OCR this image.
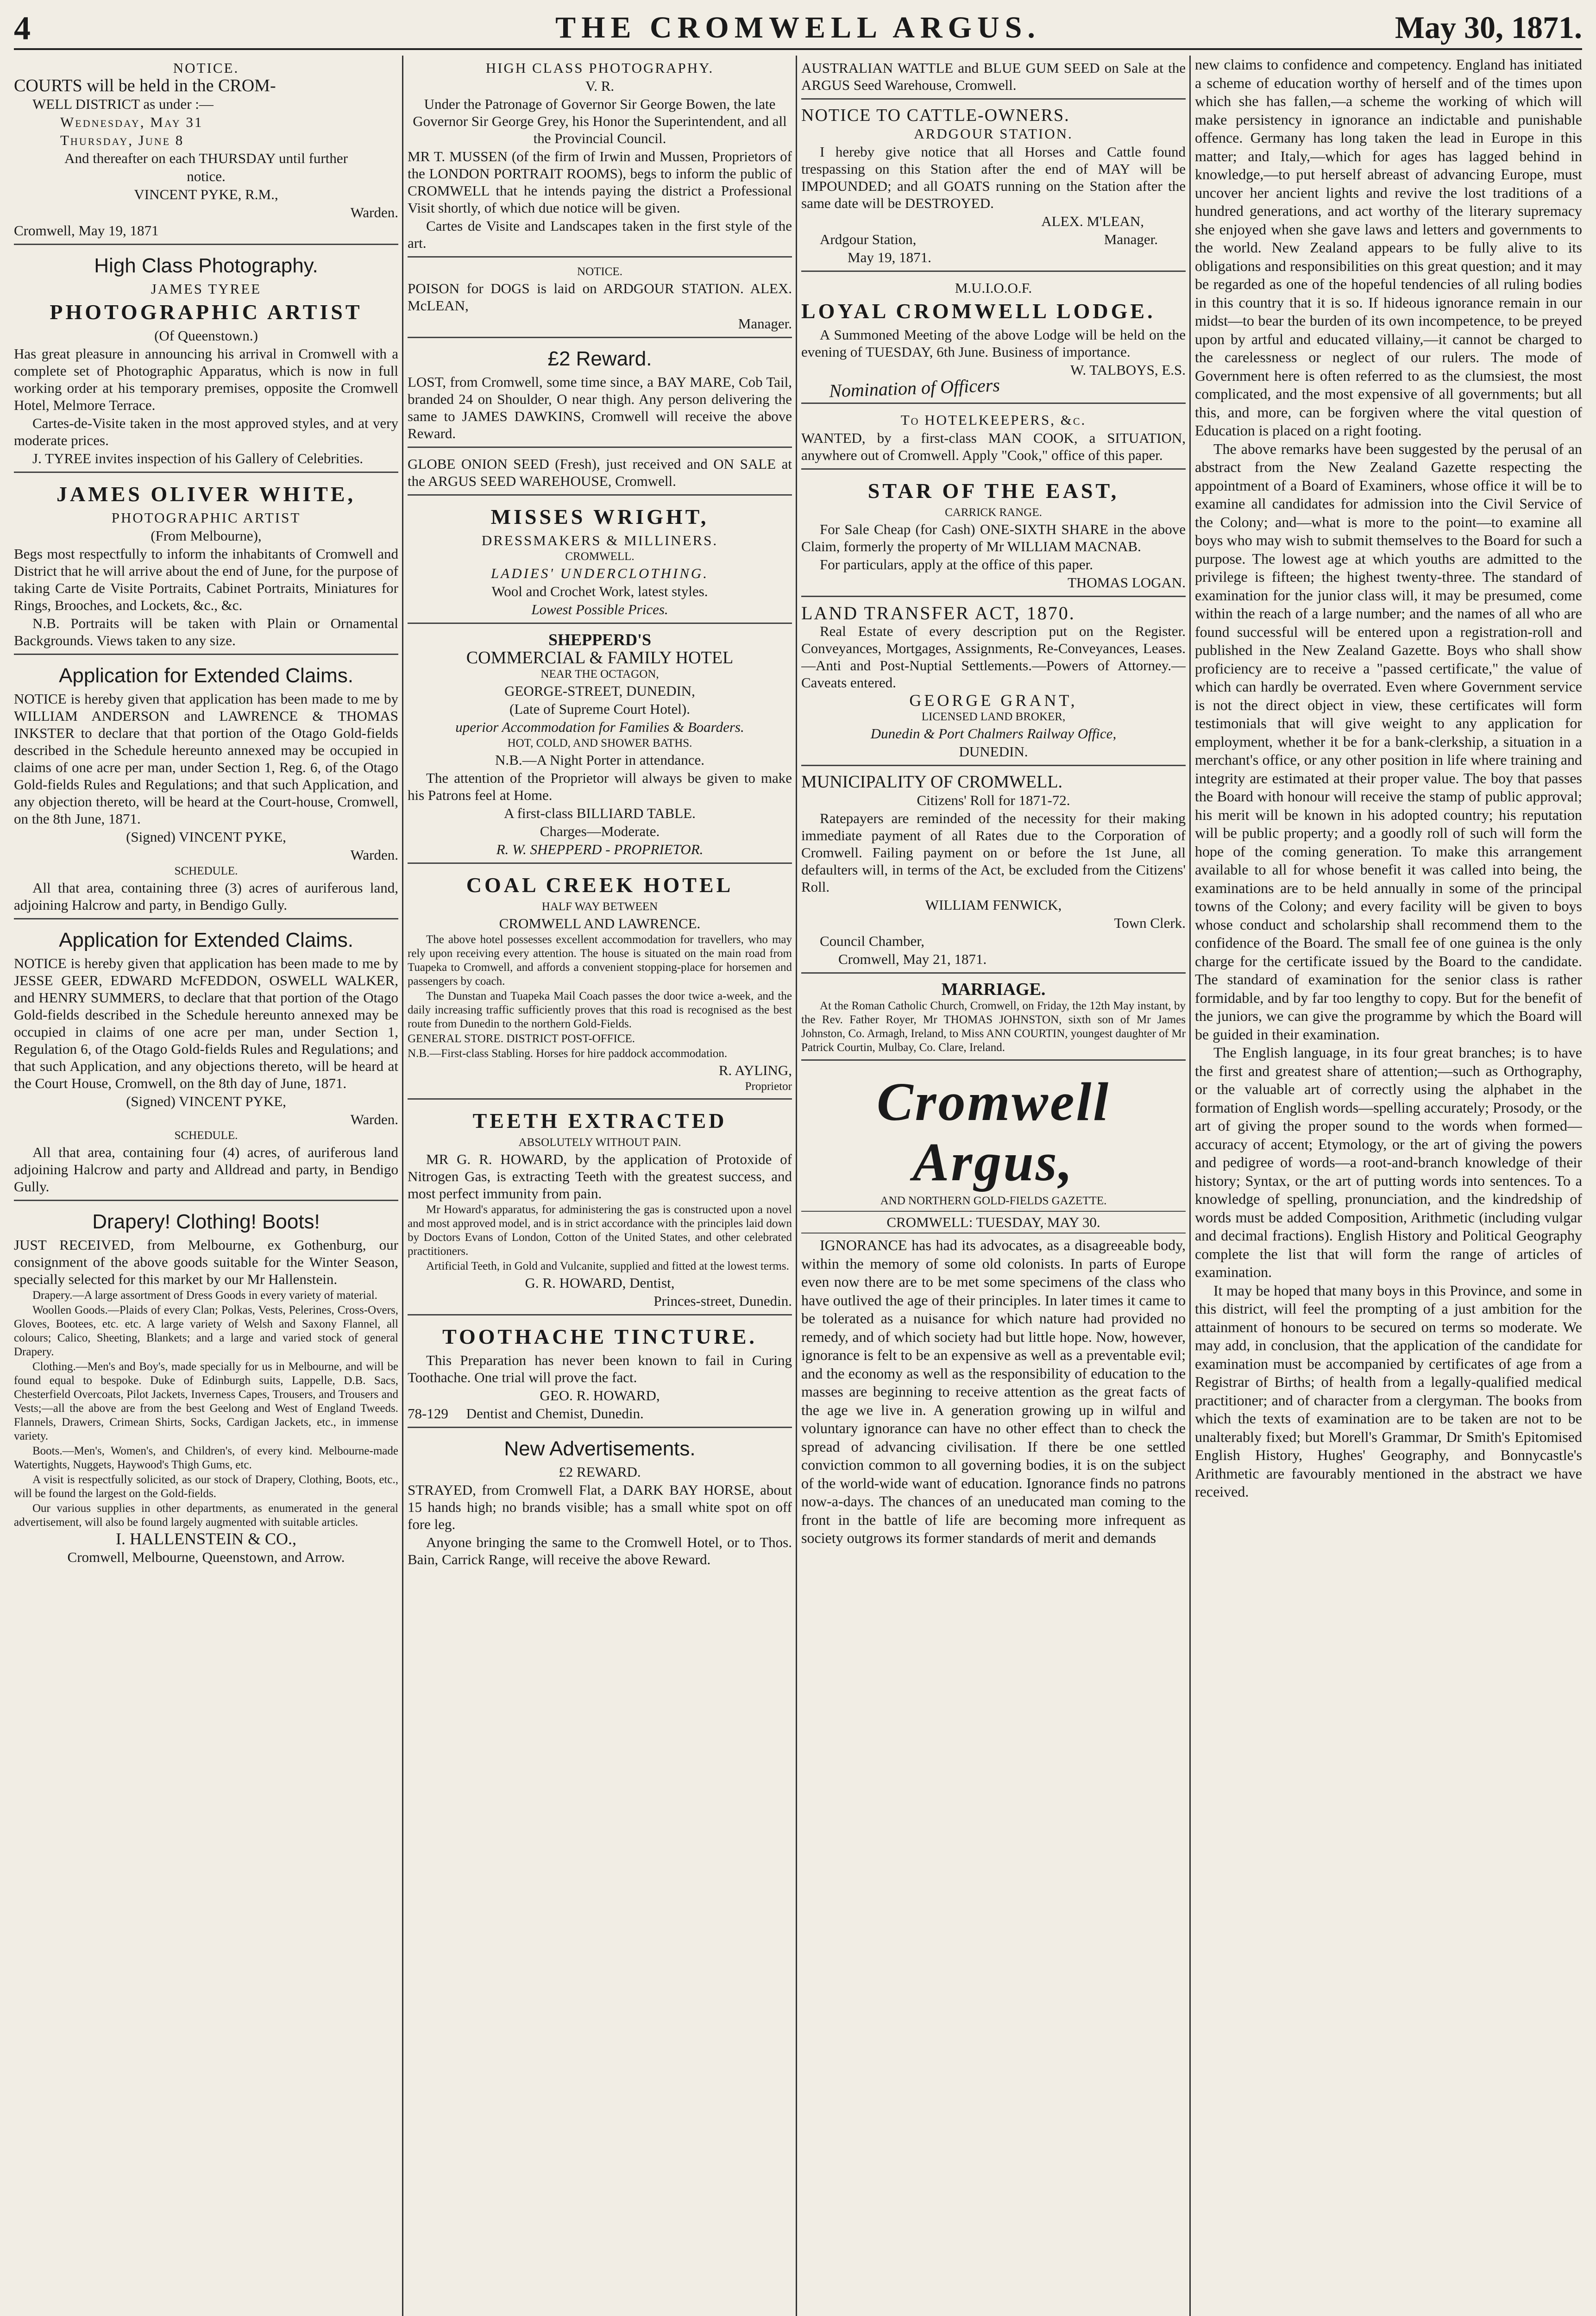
4	THE CROMWELL ARGUS.	May 30, 1871.

NOTICE.

COURTS will be held in the CROM-

WELL DISTRICT as under :—

Wednesday, May 31

Thursday, June 8

And thereafter on each THURSDAY until further

notice.

VINCENT PYKE, R.M.,

Warden.

Cromwell, May 19, 1871

High Class Photography.

JAMES TYREE

PHOTOGRAPHIC ARTIST

(Of Queenstown.)

Has great pleasure in announcing his arrival in Cromwell with a complete set of Photographic Apparatus, which is now in full working order at his temporary premises, opposite the Cromwell Hotel, Melmore Terrace.

Cartes-de-Visite taken in the most approved styles, and at very moderate prices.

J. TYREE invites inspection of his Gallery of Celebrities.

JAMES OLIVER WHITE,

PHOTOGRAPHIC ARTIST

(From Melbourne),

Begs most respectfully to inform the inhabitants of Cromwell and District that he will arrive about the end of June, for the purpose of taking Carte de Visite Portraits, Cabinet Portraits, Miniatures for Rings, Brooches, and Lockets, &c., &c.

N.B. Portraits will be taken with Plain or Ornamental Backgrounds. Views taken to any size.

Application for Extended Claims.

NOTICE is hereby given that application has been made to me by WILLIAM ANDERSON and LAWRENCE & THOMAS INKSTER to declare that that portion of the Otago Gold-fields described in the Schedule hereunto annexed may be occupied in claims of one acre per man, under Section 1, Reg. 6, of the Otago Gold-fields Rules and Regulations; and that such Application, and any objection thereto, will be heard at the Court-house, Cromwell, on the 8th June, 1871.

(Signed) VINCENT PYKE,

Warden.

SCHEDULE.

All that area, containing three (3) acres of auriferous land, adjoining Halcrow and party, in Bendigo Gully.

Application for Extended Claims.

NOTICE is hereby given that application has been made to me by JESSE GEER, EDWARD McFEDDON, OSWELL WALKER, and HENRY SUMMERS, to declare that that portion of the Otago Gold-fields described in the Schedule hereunto annexed may be occupied in claims of one acre per man, under Section 1, Regulation 6, of the Otago Gold-fields Rules and Regulations; and that such Application, and any objections thereto, will be heard at the Court House, Cromwell, on the 8th day of June, 1871.

(Signed) VINCENT PYKE,

Warden.

SCHEDULE.

All that area, containing four (4) acres, of auriferous land adjoining Halcrow and party and Alldread and party, in Bendigo Gully.

Drapery! Clothing! Boots!

JUST RECEIVED, from Melbourne, ex Gothenburg, our consignment of the above goods suitable for the Winter Season, specially selected for this market by our Mr Hallenstein.

Drapery.—A large assortment of Dress Goods in every variety of material.

Woollen Goods.—Plaids of every Clan; Polkas, Vests, Pelerines, Cross-Overs, Gloves, Bootees, etc. etc. A large variety of Welsh and Saxony Flannel, all colours; Calico, Sheeting, Blankets; and a large and varied stock of general Drapery.

Clothing.—Men's and Boy's, made specially for us in Melbourne, and will be found equal to bespoke. Duke of Edinburgh suits, Lappelle, D.B. Sacs, Chesterfield Overcoats, Pilot Jackets, Inverness Capes, Trousers, and Trousers and Vests;—all the above are from the best Geelong and West of England Tweeds. Flannels, Drawers, Crimean Shirts, Socks, Cardigan Jackets, etc., in immense variety.

Boots.—Men's, Women's, and Children's, of every kind. Melbourne-made Watertights, Nuggets, Haywood's Thigh Gums, etc.

A visit is respectfully solicited, as our stock of Drapery, Clothing, Boots, etc., will be found the largest on the Gold-fields.

Our various supplies in other departments, as enumerated in the general advertisement, will also be found largely augmented with suitable articles.

I. HALLENSTEIN & CO.,

Cromwell, Melbourne, Queenstown, and Arrow.

HIGH CLASS PHOTOGRAPHY.

V. R.

Under the Patronage of Governor Sir George Bowen, the late Governor Sir George Grey, his Honor the Superintendent, and all the Provincial Council.

MR T. MUSSEN (of the firm of Irwin and Mussen, Proprietors of the LONDON PORTRAIT ROOMS), begs to inform the public of CROMWELL that he intends paying the district a Professional Visit shortly, of which due notice will be given.

Cartes de Visite and Landscapes taken in the first style of the art.

NOTICE.

POISON for DOGS is laid on ARDGOUR STATION. ALEX. McLEAN,

Manager.

£2 Reward.

LOST, from Cromwell, some time since, a BAY MARE, Cob Tail, branded 24 on Shoulder, O near thigh. Any person delivering the same to JAMES DAWKINS, Cromwell will receive the above Reward.

GLOBE ONION SEED (Fresh), just received and ON SALE at the ARGUS SEED WAREHOUSE, Cromwell.

MISSES WRIGHT,

DRESSMAKERS & MILLINERS.

CROMWELL.

LADIES' UNDERCLOTHING.

Wool and Crochet Work, latest styles.

Lowest Possible Prices.

SHEPPERD'S

COMMERCIAL & FAMILY HOTEL

NEAR THE OCTAGON,

GEORGE-STREET, DUNEDIN,

(Late of Supreme Court Hotel).

uperior Accommodation for Families & Boarders.

HOT, COLD, AND SHOWER BATHS.

N.B.—A Night Porter in attendance.

The attention of the Proprietor will always be given to make his Patrons feel at Home.

A first-class BILLIARD TABLE.

Charges—Moderate.

R. W. SHEPPERD - PROPRIETOR.

COAL CREEK HOTEL

HALF WAY BETWEEN

CROMWELL AND LAWRENCE.

The above hotel possesses excellent accommodation for travellers, who may rely upon receiving every attention. The house is situated on the main road from Tuapeka to Cromwell, and affords a convenient stopping-place for horsemen and passengers by coach.

The Dunstan and Tuapeka Mail Coach passes the door twice a-week, and the daily increasing traffic sufficiently proves that this road is recognised as the best route from Dunedin to the northern Gold-Fields.

GENERAL STORE. DISTRICT POST-OFFICE.

N.B.—First-class Stabling. Horses for hire paddock accommodation.

R. AYLING,

Proprietor

TEETH EXTRACTED

ABSOLUTELY WITHOUT PAIN.

MR G. R. HOWARD, by the application of Protoxide of Nitrogen Gas, is extracting Teeth with the greatest success, and most perfect immunity from pain.

Mr Howard's apparatus, for administering the gas is constructed upon a novel and most approved model, and is in strict accordance with the principles laid down by Doctors Evans of London, Cotton of the United States, and other celebrated practitioners.

Artificial Teeth, in Gold and Vulcanite, supplied and fitted at the lowest terms.

G. R. HOWARD, Dentist,

Princes-street, Dunedin.

TOOTHACHE TINCTURE.

This Preparation has never been known to fail in Curing Toothache. One trial will prove the fact.

GEO. R. HOWARD,

78-129 Dentist and Chemist, Dunedin.

New Advertisements.

£2 REWARD.

STRAYED, from Cromwell Flat, a DARK BAY HORSE, about 15 hands high; no brands visible; has a small white spot on off fore leg.

Anyone bringing the same to the Cromwell Hotel, or to Thos. Bain, Carrick Range, will receive the above Reward.

AUSTRALIAN WATTLE and BLUE GUM SEED on Sale at the ARGUS Seed Warehouse, Cromwell.

NOTICE TO CATTLE-OWNERS.

ARDGOUR STATION.

I hereby give notice that all Horses and Cattle found trespassing on this Station after the end of MAY will be IMPOUNDED; and all GOATS running on the Station after the same date will be DESTROYED.

ALEX. M'LEAN,

Ardgour Station,	Manager.

May 19, 1871.

M.U.I.O.O.F.

LOYAL CROMWELL LODGE.

A Summoned Meeting of the above Lodge will be held on the evening of TUESDAY, 6th June. Business of importance.

W. TALBOYS, E.S.

Nomination of Officers

To HOTELKEEPERS, &c.

WANTED, by a first-class MAN COOK, a SITUATION, anywhere out of Cromwell. Apply "Cook," office of this paper.

STAR OF THE EAST,

CARRICK RANGE.

For Sale Cheap (for Cash) ONE-SIXTH SHARE in the above Claim, formerly the property of Mr WILLIAM MACNAB.

For particulars, apply at the office of this paper.

THOMAS LOGAN.

LAND TRANSFER ACT, 1870.

Real Estate of every description put on the Register. Conveyances, Mortgages, Assignments, Re-Conveyances, Leases.—Anti and Post-Nuptial Settlements.—Powers of Attorney.—Caveats entered.

GEORGE GRANT,

LICENSED LAND BROKER,

Dunedin & Port Chalmers Railway Office,

DUNEDIN.

MUNICIPALITY OF CROMWELL.

Citizens' Roll for 1871-72.

Ratepayers are reminded of the necessity for their making immediate payment of all Rates due to the Corporation of Cromwell. Failing payment on or before the 1st June, all defaulters will, in terms of the Act, be excluded from the Citizens' Roll.

WILLIAM FENWICK,

Town Clerk.

Council Chamber,

Cromwell, May 21, 1871.

MARRIAGE.

At the Roman Catholic Church, Cromwell, on Friday, the 12th May instant, by the Rev. Father Royer, Mr THOMAS JOHNSTON, sixth son of Mr James Johnston, Co. Armagh, Ireland, to Miss ANN COURTIN, youngest daughter of Mr Patrick Courtin, Mulbay, Co. Clare, Ireland.

Cromwell Argus,

AND NORTHERN GOLD-FIELDS GAZETTE.

CROMWELL: TUESDAY, MAY 30.

IGNORANCE has had its advocates, as a disagreeable body, within the memory of some old colonists. In parts of Europe even now there are to be met some specimens of the class who have outlived the age of their principles. In later times it came to be tolerated as a nuisance for which nature had provided no remedy, and of which society had but little hope. Now, however, ignorance is felt to be an expensive as well as a preventable evil; and the economy as well as the responsibility of education to the masses are beginning to receive attention as the great facts of the age we live in. A generation growing up in wilful and voluntary ignorance can have no other effect than to check the spread of advancing civilisation. If there be one settled conviction common to all governing bodies, it is on the subject of the world-wide want of education. Ignorance finds no patrons now-a-days. The chances of an uneducated man coming to the front in the battle of life are becoming more infrequent as society outgrows its former standards of merit and demands

new claims to confidence and competency. England has initiated a scheme of education worthy of herself and of the times upon which she has fallen,—a scheme the working of which will make persistency in ignorance an indictable and punishable offence. Germany has long taken the lead in Europe in this matter; and Italy,—which for ages has lagged behind in knowledge,—to put herself abreast of advancing Europe, must uncover her ancient lights and revive the lost traditions of a hundred generations, and act worthy of the literary supremacy she enjoyed when she gave laws and letters and governments to the world. New Zealand appears to be fully alive to its obligations and responsibilities on this great question; and it may be regarded as one of the hopeful tendencies of all ruling bodies in this country that it is so. If hideous ignorance remain in our midst—to bear the burden of its own incompetence, to be preyed upon by artful and educated villainy,—it cannot be charged to the carelessness or neglect of our rulers. The mode of Government here is often referred to as the clumsiest, the most complicated, and the most expensive of all governments; but all this, and more, can be forgiven where the vital question of Education is placed on a right footing.

The above remarks have been suggested by the perusal of an abstract from the New Zealand Gazette respecting the appointment of a Board of Examiners, whose office it will be to examine all candidates for admission into the Civil Service of the Colony; and—what is more to the point—to examine all boys who may wish to submit themselves to the Board for such a purpose. The lowest age at which youths are admitted to the privilege is fifteen; the highest twenty-three. The standard of examination for the junior class will, it may be presumed, come within the reach of a large number; and the names of all who are found successful will be entered upon a registration-roll and published in the New Zealand Gazette. Boys who shall show proficiency are to receive a "passed certificate," the value of which can hardly be overrated. Even where Government service is not the direct object in view, these certificates will form testimonials that will give weight to any application for employment, whether it be for a bank-clerkship, a situation in a merchant's office, or any other position in life where training and integrity are estimated at their proper value. The boy that passes the Board with honour will receive the stamp of public approval; his merit will be known in his adopted country; his reputation will be public property; and a goodly roll of such will form the hope of the coming generation. To make this arrangement available to all for whose benefit it was called into being, the examinations are to be held annually in some of the principal towns of the Colony; and every facility will be given to boys whose conduct and scholarship shall recommend them to the confidence of the Board. The small fee of one guinea is the only charge for the certificate issued by the Board to the candidate. The standard of examination for the senior class is rather formidable, and by far too lengthy to copy. But for the benefit of the juniors, we can give the programme by which the Board will be guided in their examination.

The English language, in its four great branches; is to have the first and greatest share of attention;—such as Orthography, or the valuable art of correctly using the alphabet in the formation of English words—spelling accurately; Prosody, or the art of giving the proper sound to the words when formed—accuracy of accent; Etymology, or the art of giving the powers and pedigree of words—a root-and-branch knowledge of their history; Syntax, or the art of putting words into sentences. To a knowledge of spelling, pronunciation, and the kindredship of words must be added Composition, Arithmetic (including vulgar and decimal fractions). English History and Political Geography complete the list that will form the range of articles of examination.

It may be hoped that many boys in this Province, and some in this district, will feel the prompting of a just ambition for the attainment of honours to be secured on terms so moderate. We may add, in conclusion, that the application of the candidate for examination must be accompanied by certificates of age from a Registrar of Births; of health from a legally-qualified medical practitioner; and of character from a clergyman. The books from which the texts of examination are to be taken are not to be unalterably fixed; but Morell's Grammar, Dr Smith's Epitomised English History, Hughes' Geography, and Bonnycastle's Arithmetic are favourably mentioned in the abstract we have received.
